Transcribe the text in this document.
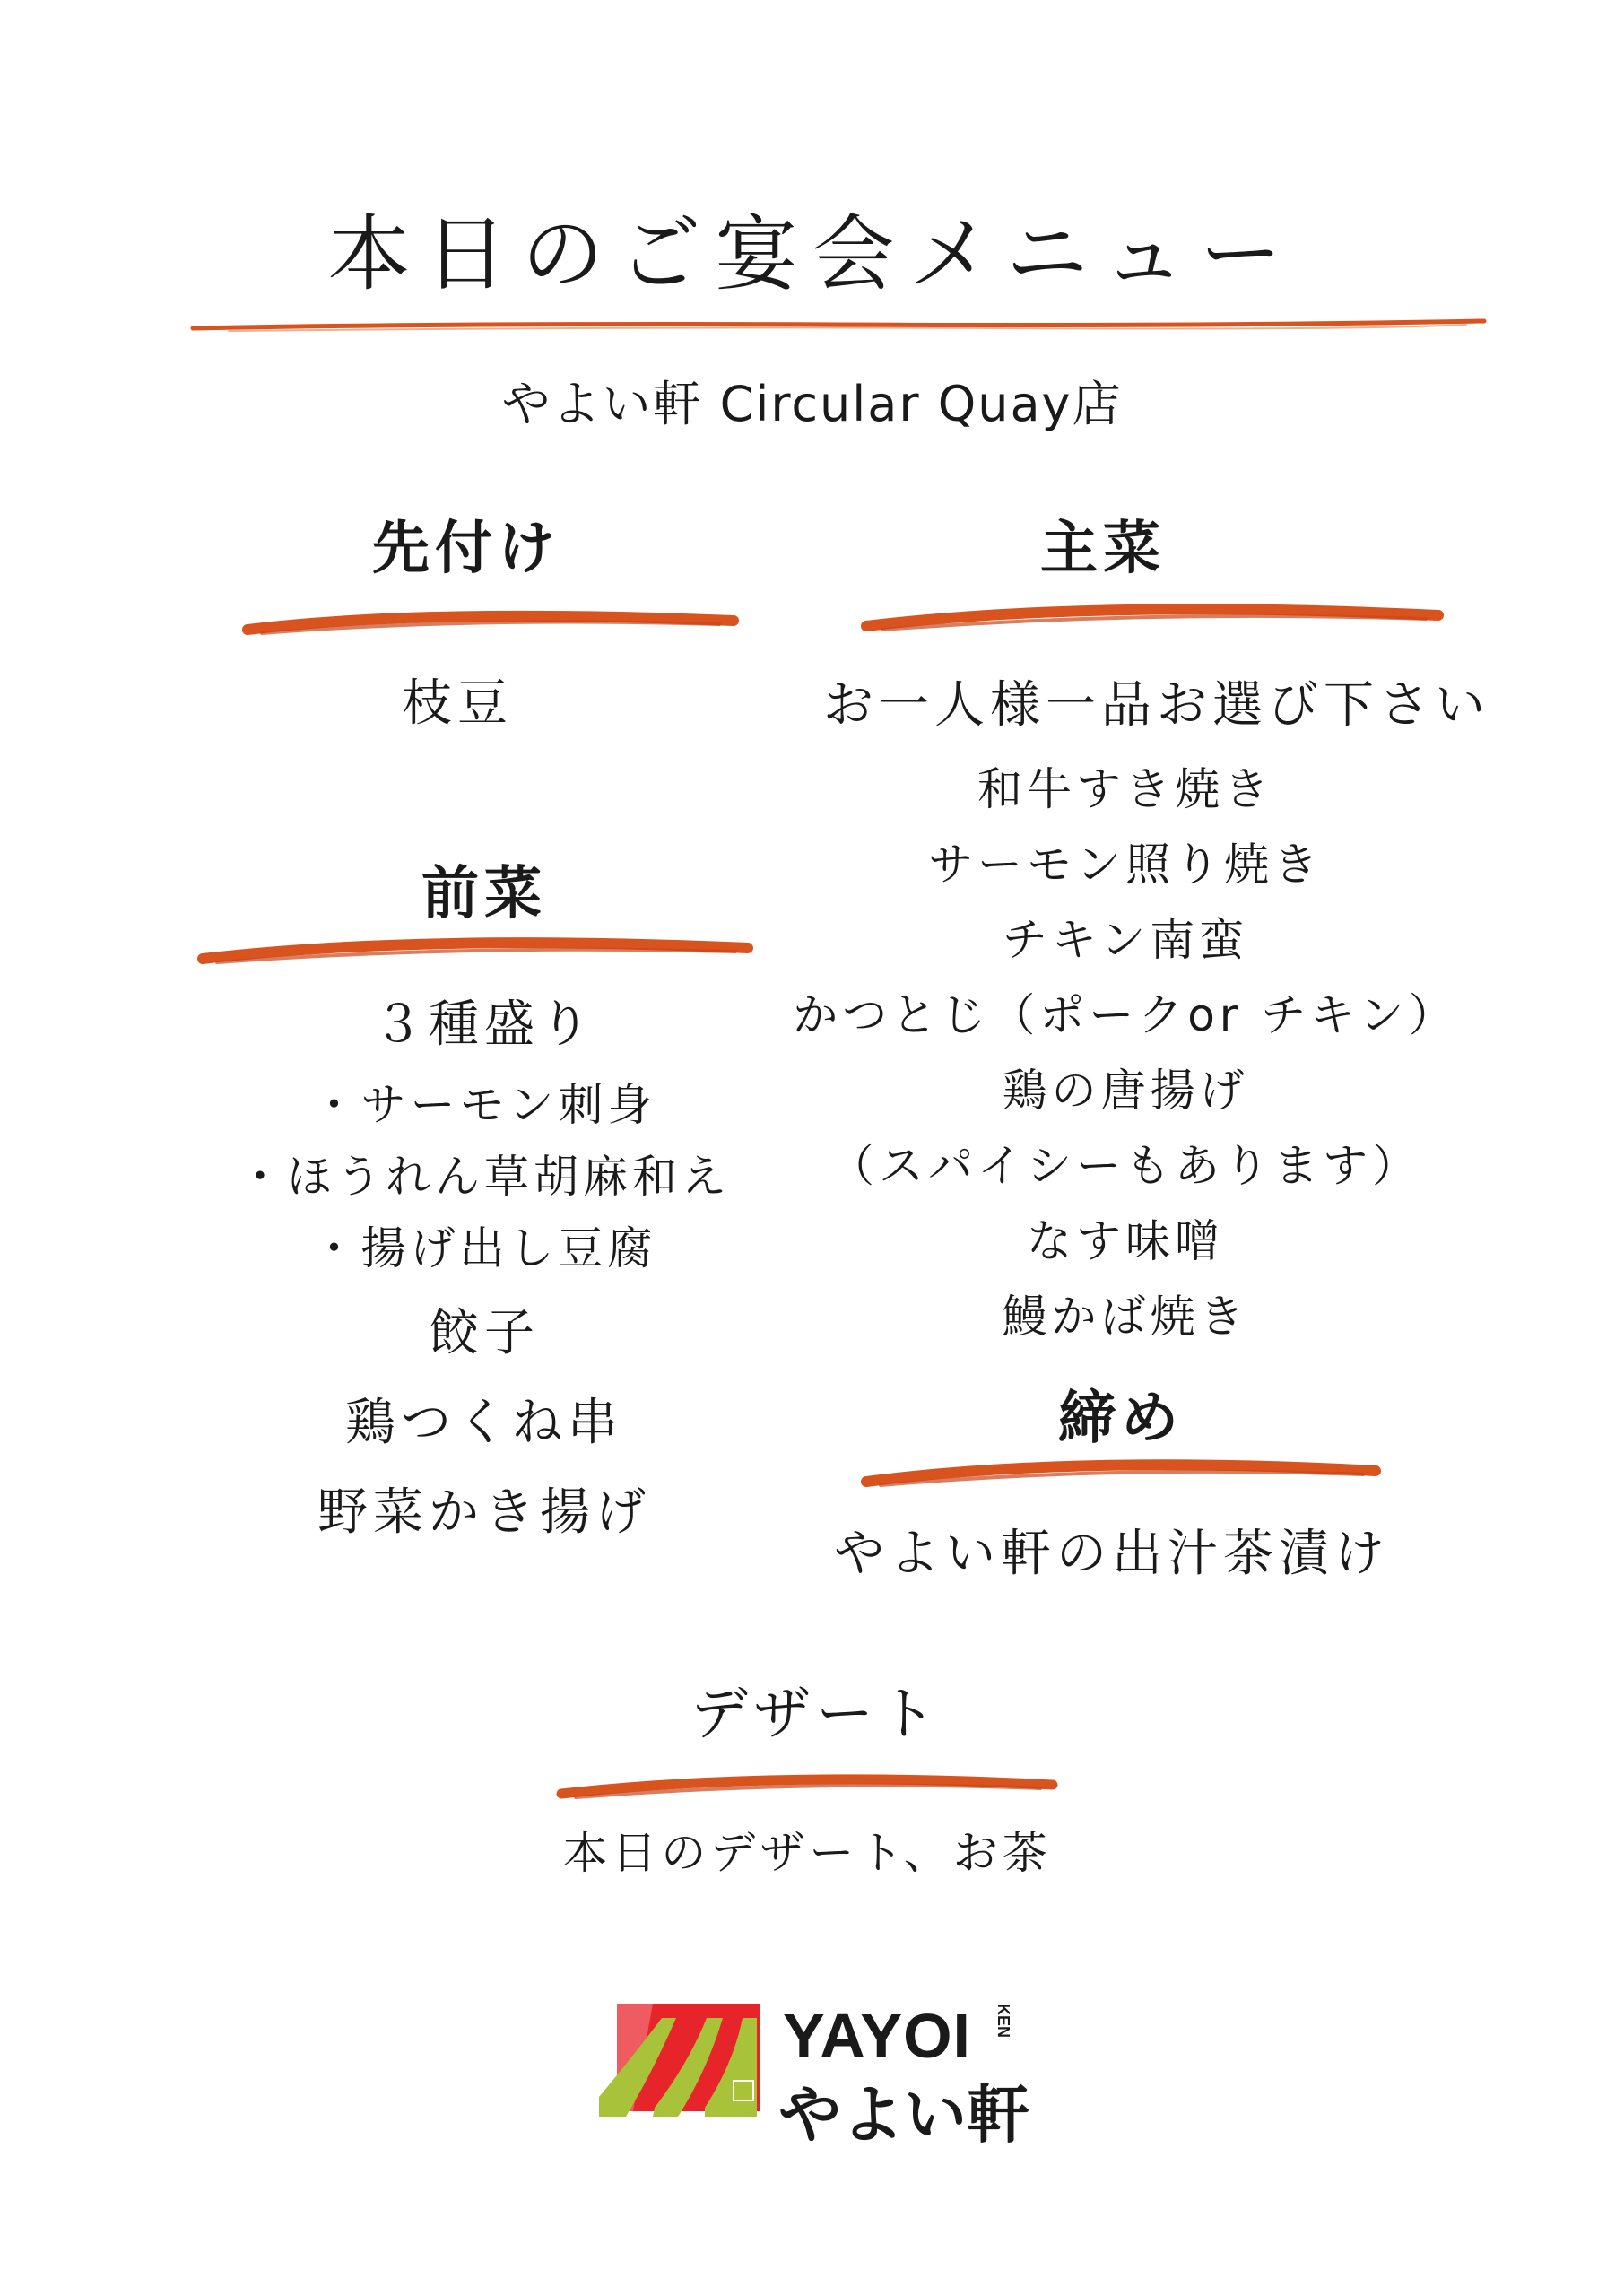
本日のご宴会メニュー
やよい軒 Circular Quay店
先付け
枝豆
主菜
お一人様一品お選び下さい
和牛すき焼き
サーモン照り焼き
チキン南蛮
かつとじ（ポークor チキン）
鶏の唐揚げ
（スパイシーもあります）
なす味噌
鰻かば焼き
前菜
３種盛り
・サーモン刺身
・ほうれん草胡麻和え
・揚げ出し豆腐
餃子
鶏つくね串
野菜かき揚げ
締め
やよい軒の出汁茶漬け
デザート
本日のデザート、お茶
YAYOI KEN
やよい軒
